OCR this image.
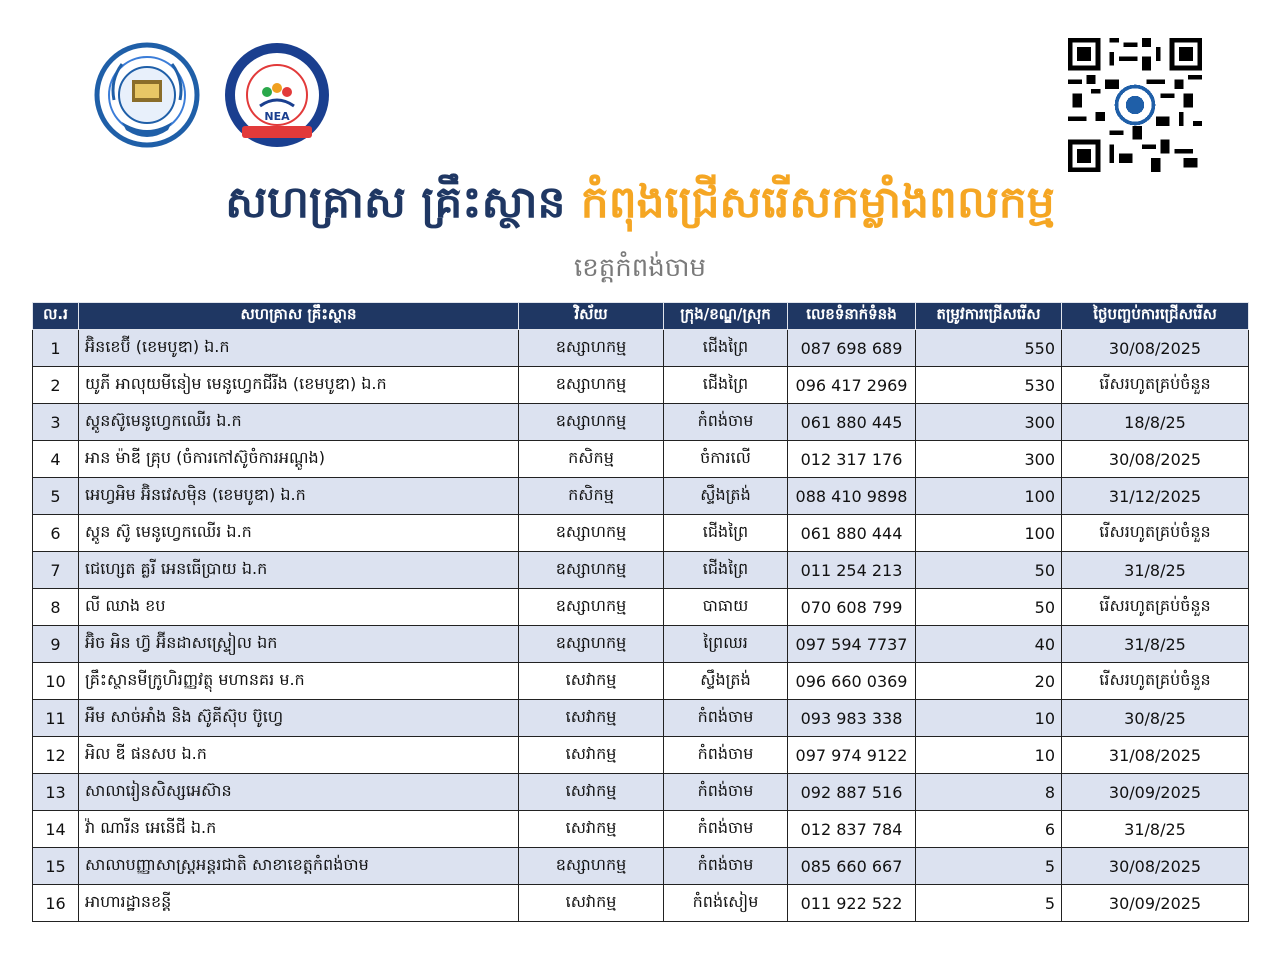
NEA
សហគ្រាស គ្រឹះស្ថាន កំពុងជ្រើសរើសកម្លាំងពលកម្ម
ខេត្តកំពង់ចាម
ល.រ	សហគ្រាស គ្រឹះស្ថាន	វិស័យ	ក្រុង/ខណ្ឌ/ស្រុក	លេខទំនាក់ទំនង	តម្រូវការជ្រើសរើស	ថ្ងៃបញ្ចប់ការជ្រើសរើស
1	អ៊ិនខេប៊ី (ខេមបូឌា) ឯ.ក	ឧស្សាហកម្ម	ជើងព្រៃ	087 698 689	550	30/08/2025
2	យូភី អាលុយមីនៀម មេនូហ្វេកជីរីង (ខេមបូឌា) ឯ.ក	ឧស្សាហកម្ម	ជើងព្រៃ	096 417 2969	530	រើសរហូតគ្រប់ចំនួន
3	ស្តូនស៊ូមេនូហ្វេកឈើរ ឯ.ក	ឧស្សាហកម្ម	កំពង់ចាម	061 880 445	300	18/8/25
4	អាន ម៉ាឌី គ្រុប (ចំការកៅស៊ូចំការអណ្តូង)	កសិកម្ម	ចំការលើ	012 317 176	300	30/08/2025
5	អេហ្វអិម អ៊ិនវេសម៉ិន (ខេមបូឌា) ឯ.ក	កសិកម្ម	ស្ទឹងត្រង់	088 410 9898	100	31/12/2025
6	ស្តូន ស៊ូ មេនូហ្វេកឈើរ ឯ.ក	ឧស្សាហកម្ម	ជើងព្រៃ	061 880 444	100	រើសរហូតគ្រប់ចំនួន
7	ជេហ្សេត គ្លរី អេនធើប្រាយ ឯ.ក	ឧស្សាហកម្ម	ជើងព្រៃ	011 254 213	50	31/8/25
8	លី ឈាង ខប	ឧស្សាហកម្ម	បាធាយ	070 608 799	50	រើសរហូតគ្រប់ចំនួន
9	អ៊ិច អិន ហ្វ៊ អ៊ីនដាសស្ទ្រៀល ឯក	ឧស្សាហកម្ម	ព្រៃឈរ	097 594 7737	40	31/8/25
10	គ្រឹះស្ថានមីក្រូហិរញ្ញវត្ថុ មហានគរ ម.ក	សេវាកម្ម	ស្ទឹងត្រង់	096 660 0369	20	រើសរហូតគ្រប់ចំនួន
11	អឺម សាច់អាំង និង ស៊ូគីស៊ុប ប៊ូហ្វេ	សេវាកម្ម	កំពង់ចាម	093 983 338	10	30/8/25
12	អិល ឌី ផនសប ឯ.ក	សេវាកម្ម	កំពង់ចាម	097 974 9122	10	31/08/2025
13	សាលារៀនសិស្សអេស៊ាន	សេវាកម្ម	កំពង់ចាម	092 887 516	8	30/09/2025
14	វ៉ា ណារីន អេនើជី ឯ.ក	សេវាកម្ម	កំពង់ចាម	012 837 784	6	31/8/25
15	សាលាបញ្ញាសាស្ត្រអន្តរជាតិ សាខាខេត្តកំពង់ចាម	ឧស្សាហកម្ម	កំពង់ចាម	085 660 667	5	30/08/2025
16	អាហារដ្ឋានខន្តី	សេវាកម្ម	កំពង់សៀម	011 922 522	5	30/09/2025
